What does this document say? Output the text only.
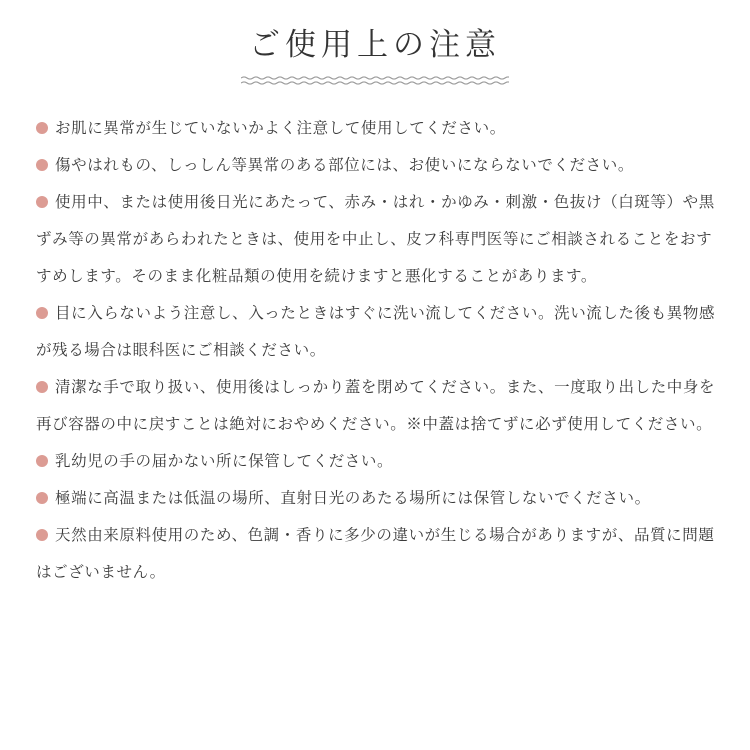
ご使用上の注意
お肌に異常が生じていないかよく注意して使用してください。
傷やはれもの、しっしん等異常のある部位には、お使いにならないでください。
使用中、または使用後日光にあたって、赤み・はれ・かゆみ・刺激・色抜け（白斑等）や黒ずみ等の異常があらわれたときは、使用を中止し、皮フ科専門医等にご相談されることをおすすめします。そのまま化粧品類の使用を続けますと悪化することがあります。
目に入らないよう注意し、入ったときはすぐに洗い流してください。洗い流した後も異物感が残る場合は眼科医にご相談ください。
清潔な手で取り扱い、使用後はしっかり蓋を閉めてください。また、一度取り出した中身を再び容器の中に戻すことは絶対におやめください。※中蓋は捨てずに必ず使用してください。
乳幼児の手の届かない所に保管してください。
極端に高温または低温の場所、直射日光のあたる場所には保管しないでください。
天然由来原料使用のため、色調・香りに多少の違いが生じる場合がありますが、品質に問題はございません。
